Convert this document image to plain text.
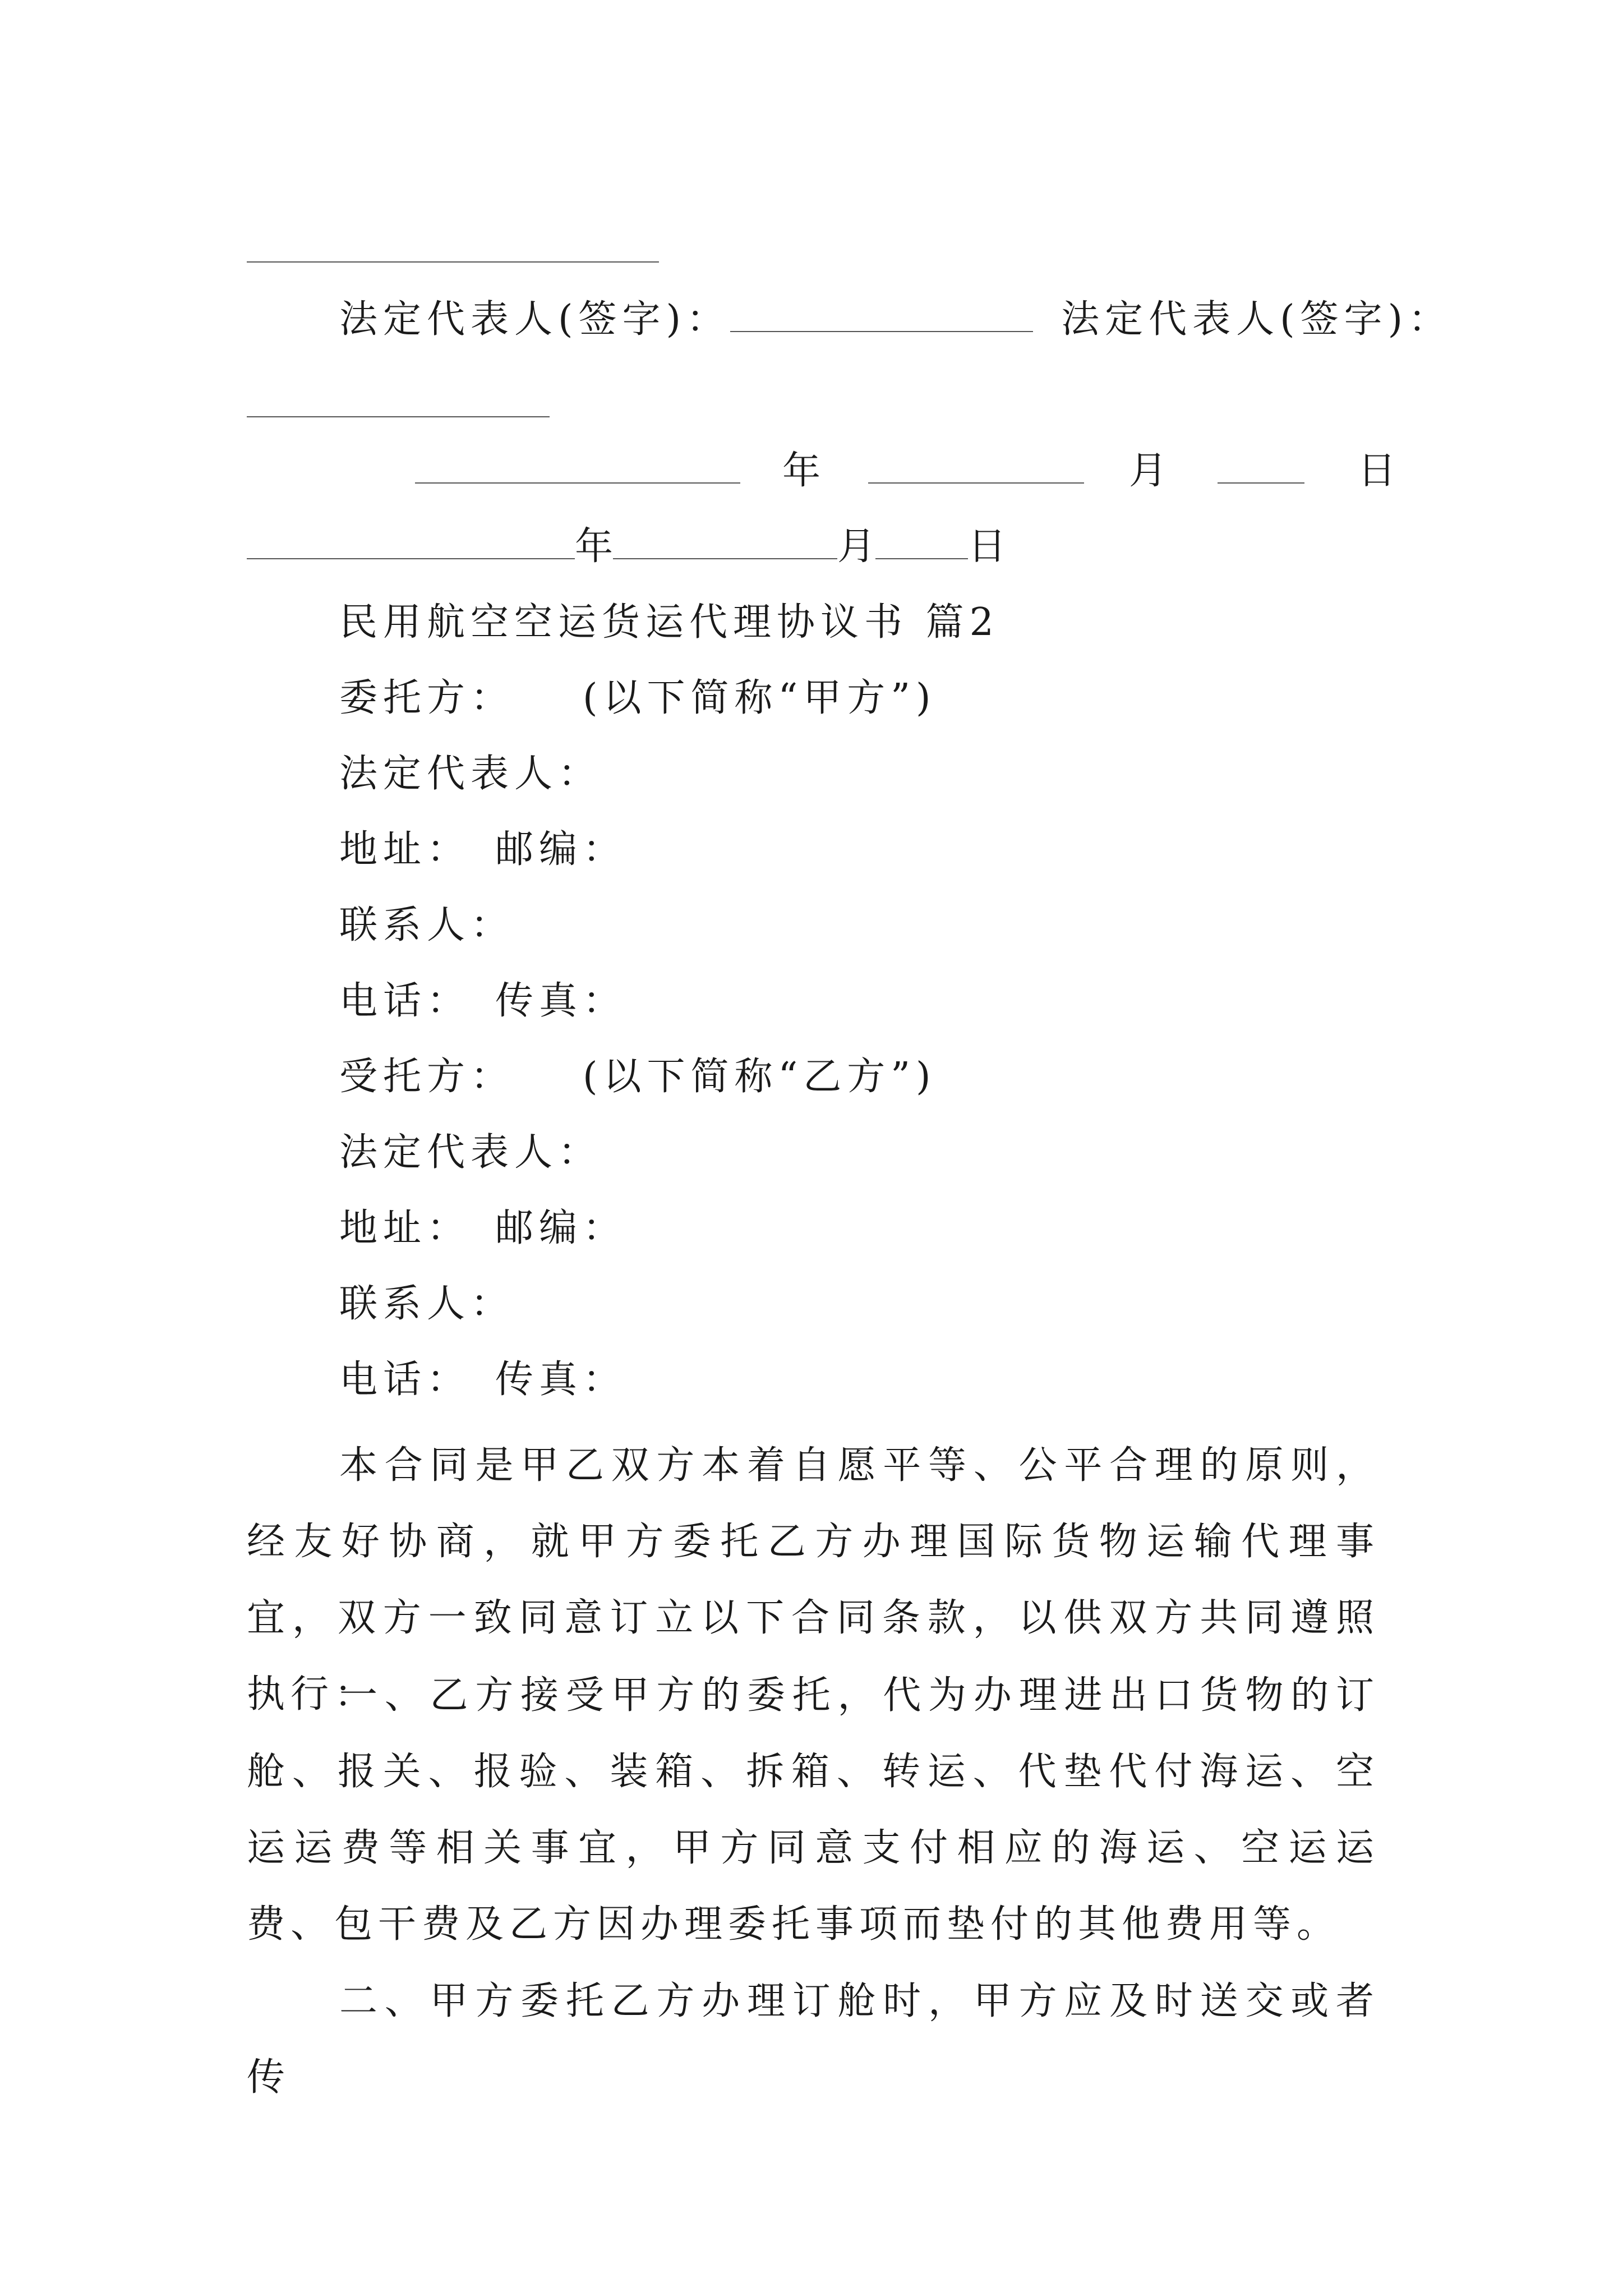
法定代表人(签字)：	法定代表人(签字)：
年	月	日
年	月 日
民用航空空运货运代理协议书 篇2
委托方：　　(以下简称“甲方”)
法定代表人：
地址：　邮编：
联系人：
电话：　传真：
受托方：　　(以下简称“乙方”)
法定代表人：
地址：　邮编：
联系人：
电话：　传真：

本合同是甲乙双方本着自愿平等、公平合理的原则，经友好协商，就甲方委托乙方办理国际货物运输代理事宜，双方一致同意订立以下合同条款，以供双方共同遵照执行：

一、乙方接受甲方的委托，代为办理进出口货物的订舱、报关、报验、装箱、拆箱、转运、代垫代付海运、空运运费等相关事宜，甲方同意支付相应的海运、空运运费、包干费及乙方因办理委托事项而垫付的其他费用等。

二、甲方委托乙方办理订舱时，甲方应及时送交或者传
